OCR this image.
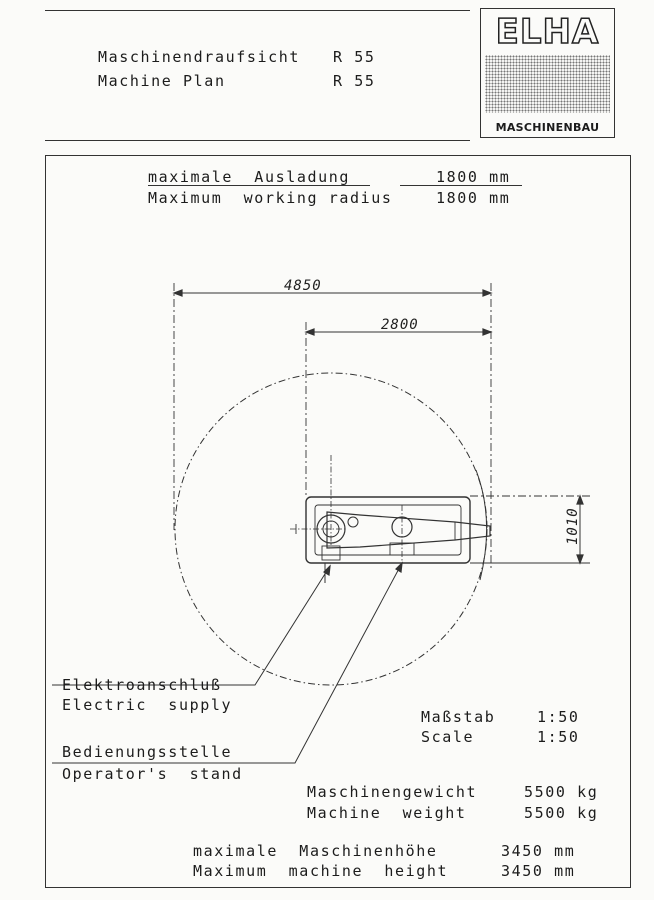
Maschinendraufsicht
Machine Plan
R 55
R 55
ELHA
MASCHINENBAU
maximale  Ausladung
Maximum  working radius
1800 mm
1800 mm
4850
2800
1010
Elektroanschluß
Electric  supply
Bedienungsstelle
Operator's  stand
Maßstab
Scale
1:50
1:50
Maschinengewicht
Machine  weight
5500 kg
5500 kg
maximale  Maschinenhöhe
Maximum  machine  height
3450 mm
3450 mm
